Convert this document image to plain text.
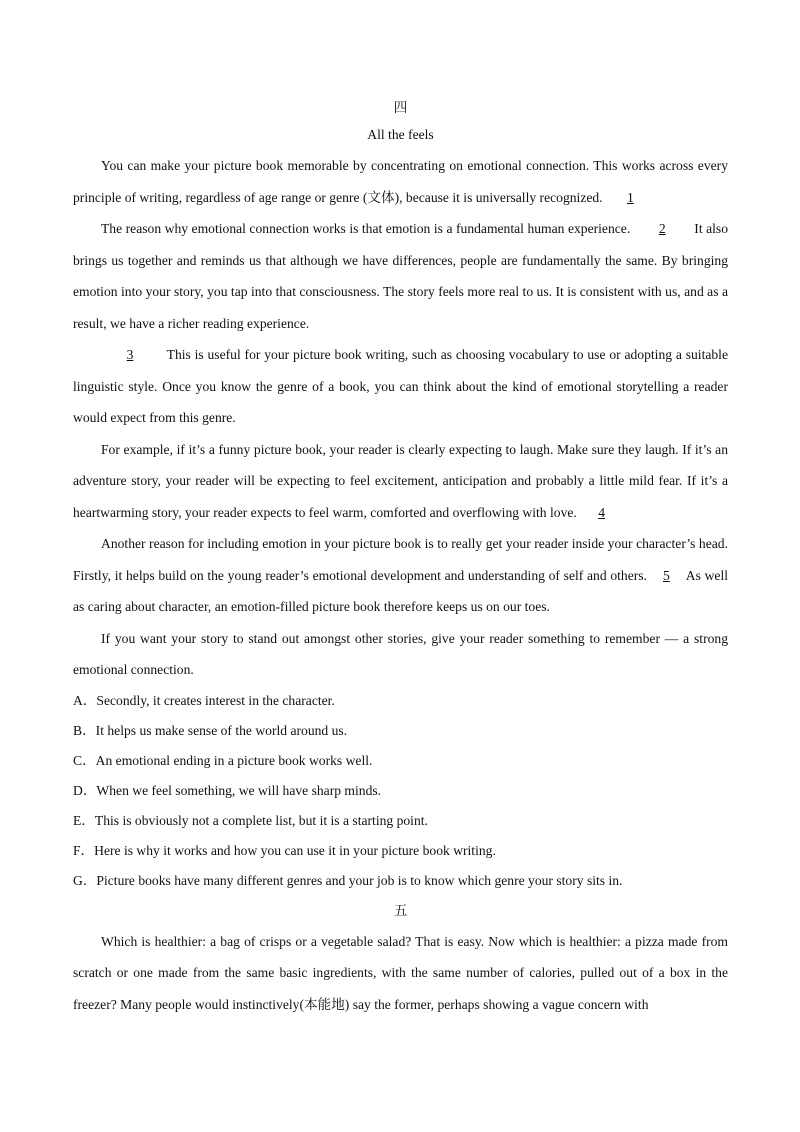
四
All the feels

You can make your picture book memorable by concentrating on emotional connection. This works across every principle of writing, regardless of age range or genre (文体), because it is universally recognized. 1

The reason why emotional connection works is that emotion is a fundamental human experience. 2 It also brings us together and reminds us that although we have differences, people are fundamentally the same. By bringing emotion into your story, you tap into that consciousness. The story feels more real to us. It is consistent with us, and as a result, we have a richer reading experience.

3 This is useful for your picture book writing, such as choosing vocabulary to use or adopting a suitable linguistic style. Once you know the genre of a book, you can think about the kind of emotional storytelling a reader would expect from this genre.

For example, if it’s a funny picture book, your reader is clearly expecting to laugh. Make sure they laugh. If it’s an adventure story, your reader will be expecting to feel excitement, anticipation and probably a little mild fear. If it’s a heartwarming story, your reader expects to feel warm, comforted and overflowing with love. 4

Another reason for including emotion in your picture book is to really get your reader inside your character’s head. Firstly, it helps build on the young reader’s emotional development and understanding of self and others. 5 As well as caring about character, an emotion-filled picture book therefore keeps us on our toes.

If you want your story to stand out amongst other stories, give your reader something to remember — a strong emotional connection.

A．Secondly, it creates interest in the character.
B．It helps us make sense of the world around us.
C．An emotional ending in a picture book works well.
D．When we feel something, we will have sharp minds.
E．This is obviously not a complete list, but it is a starting point.
F．Here is why it works and how you can use it in your picture book writing.
G．Picture books have many different genres and your job is to know which genre your story sits in.
五

Which is healthier: a bag of crisps or a vegetable salad? That is easy. Now which is healthier: a pizza made from scratch or one made from the same basic ingredients, with the same number of calories, pulled out of a box in the freezer? Many people would instinctively(本能地) say the former, perhaps showing a vague concern with
